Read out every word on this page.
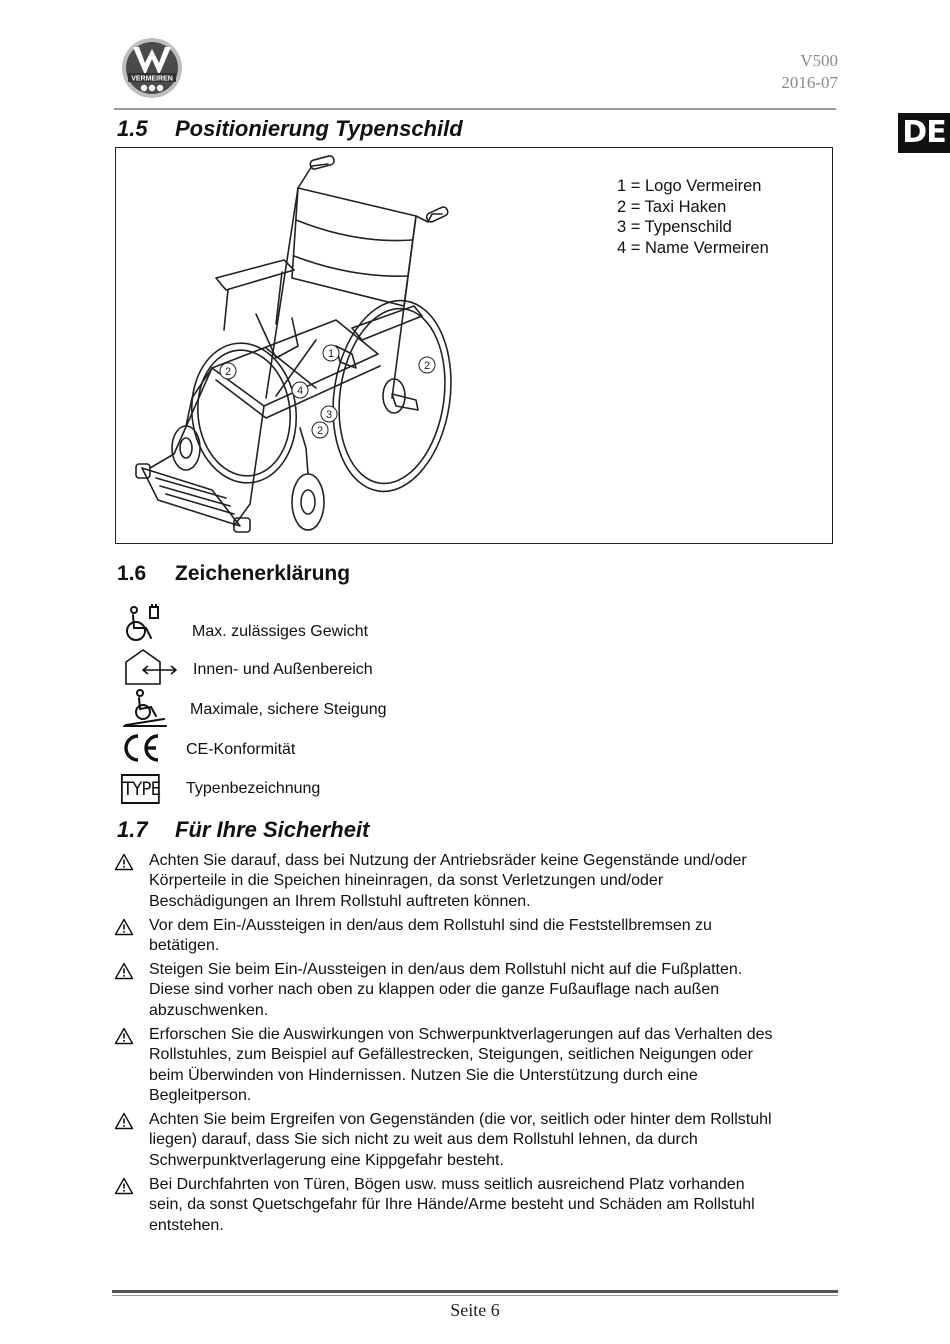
VERMEIREN
V500
2016-07
DE
1.5 Positionierung Typenschild
1
2	2
2
3
4
1 = Logo Vermeiren
2 = Taxi Haken
3 = Typenschild
4 = Name Vermeiren
1.6 Zeichenerklärung
Max. zulässiges Gewicht
Innen- und Außenbereich
Maximale, sichere Steigung
CE-Konformität
TYPE Typenbezeichnung
1.7 Für Ihre Sicherheit
Achten Sie darauf, dass bei Nutzung der Antriebsräder keine Gegenstände und/oder
Körperteile in die Speichen hineinragen, da sonst Verletzungen und/oder
Beschädigungen an Ihrem Rollstuhl auftreten können.
Vor dem Ein-/Aussteigen in den/aus dem Rollstuhl sind die Feststellbremsen zu
betätigen.
Steigen Sie beim Ein-/Aussteigen in den/aus dem Rollstuhl nicht auf die Fußplatten.
Diese sind vorher nach oben zu klappen oder die ganze Fußauflage nach außen
abzuschwenken.
Erforschen Sie die Auswirkungen von Schwerpunktverlagerungen auf das Verhalten des
Rollstuhles, zum Beispiel auf Gefällestrecken, Steigungen, seitlichen Neigungen oder
beim Überwinden von Hindernissen. Nutzen Sie die Unterstützung durch eine
Begleitperson.
Achten Sie beim Ergreifen von Gegenständen (die vor, seitlich oder hinter dem Rollstuhl
liegen) darauf, dass Sie sich nicht zu weit aus dem Rollstuhl lehnen, da durch
Schwerpunktverlagerung eine Kippgefahr besteht.
Bei Durchfahrten von Türen, Bögen usw. muss seitlich ausreichend Platz vorhanden
sein, da sonst Quetschgefahr für Ihre Hände/Arme besteht und Schäden am Rollstuhl
entstehen.
Seite 6
